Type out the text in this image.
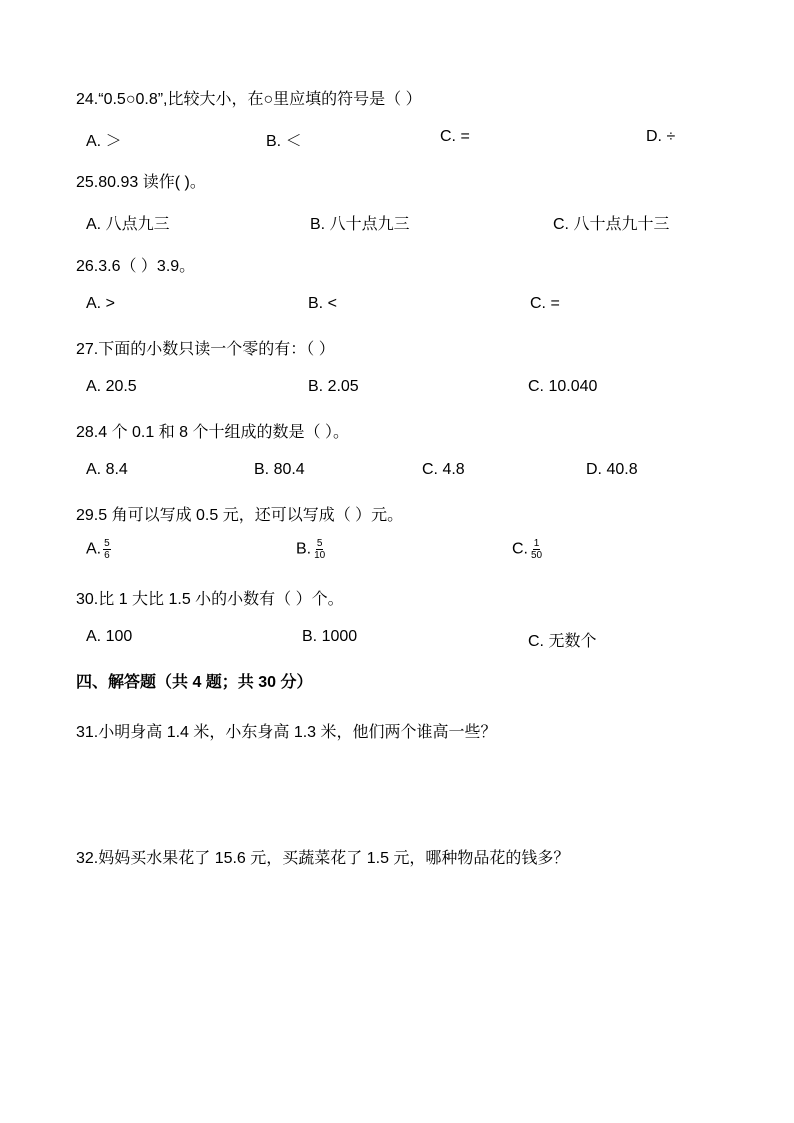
24.“0.5○0.8”,比较大小，在○里应填的符号是（ ）
A. ＞	B. ＜	C. =	D. ÷
25.80.93 读作( )。
A. 八点九三	B. 八十点九三	C. 八十点九十三
26.3.6（ ）3.9。
A. >	B. <	C. =
27.下面的小数只读一个零的有：（ ）
A. 20.5	B. 2.05	C. 10.040
28.4 个 0.1 和 8 个十组成的数是（ ）。
A. 8.4	B. 80.4	C. 4.8	D. 40.8
29.5 角可以写成 0.5 元，还可以写成（ ）元。
A. $\frac{5}{6}$	B. $\frac{5}{10}$	C. $\frac{1}{50}$
30.比 1 大比 1.5 小的小数有（ ）个。
A. 100	B. 1000	C. 无数个
四、解答题（共 4 题；共 30 分）
31.小明身高 1.4 米，小东身高 1.3 米，他们两个谁高一些？
32.妈妈买水果花了 15.6 元，买蔬菜花了 1.5 元，哪种物品花的钱多？
